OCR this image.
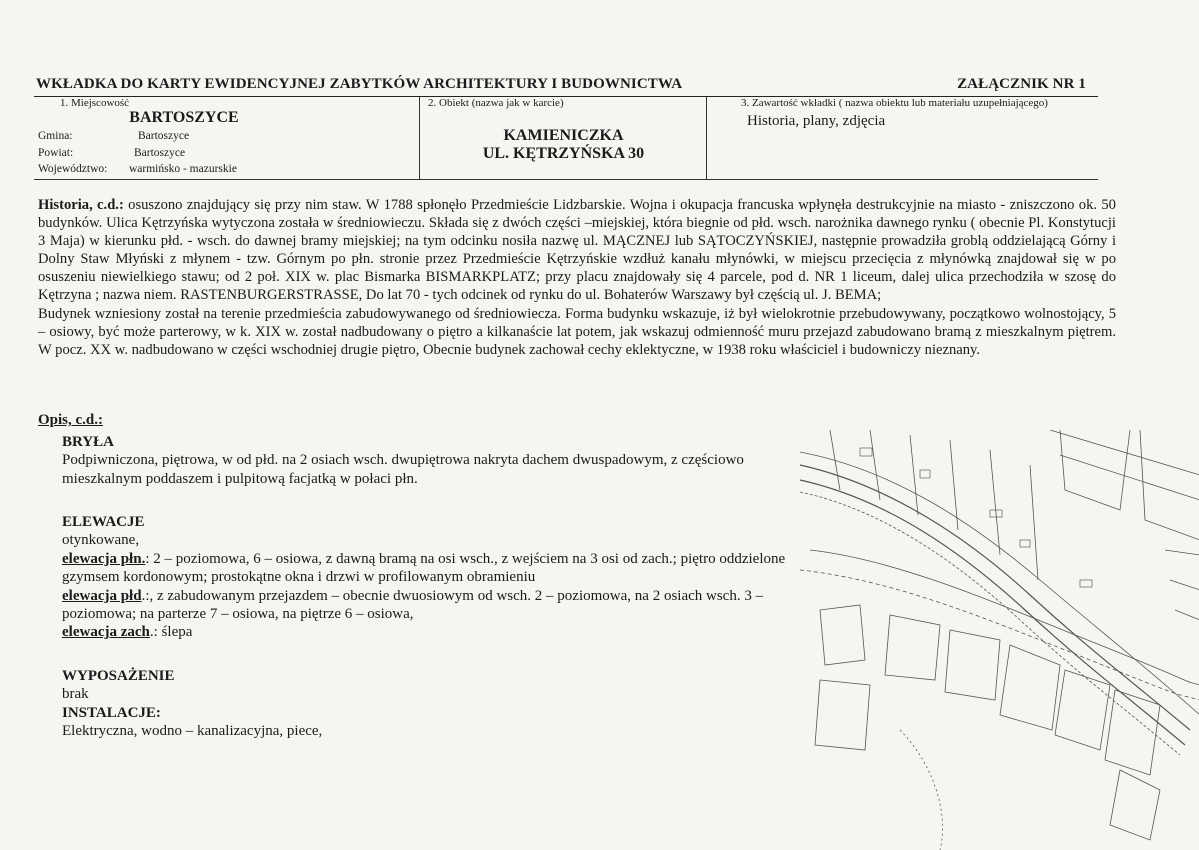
WKŁADKA DO KARTY EWIDENCYJNEJ ZABYTKÓW ARCHITEKTURY I BUDOWNICTWA	ZAŁĄCZNIK NR 1
1. Miejscowość
BARTOSZYCE
Gmina:	Bartoszyce
Powiat:	Bartoszyce
Województwo: warmińsko - mazurskie
2. Obiekt (nazwa jak w karcie)
KAMIENICZKA
UL. KĘTRZYŃSKA 30
3. Zawartość wkładki ( nazwa obiektu lub materiału uzupełniającego)
Historia, plany, zdjęcia

Historia, c.d.: osuszono znajdujący się przy nim staw. W 1788 spłonęło Przedmieście Lidzbarskie. Wojna i okupacja francuska wpłynęła destrukcyjnie na miasto - zniszczono ok. 50 budynków. Ulica Kętrzyńska wytyczona została w średniowieczu. Składa się z dwóch części –miejskiej, która biegnie od płd. wsch. narożnika dawnego rynku ( obecnie Pl. Konstytucji 3 Maja) w kierunku płd. - wsch. do dawnej bramy miejskiej; na tym odcinku nosiła nazwę ul. MĄCZNEJ lub SĄTOCZYŃSKIEJ, następnie prowadziła groblą oddzielającą Górny i Dolny Staw Młyński z młynem - tzw. Górnym po płn. stronie przez Przedmieście Kętrzyńskie wzdłuż kanału młynówki, w miejscu przecięcia z młynówką znajdował się w po osuszeniu niewielkiego stawu; od 2 poł. XIX w. plac Bismarka BISMARKPLATZ; przy placu znajdowały się 4 parcele, pod d. NR 1 liceum, dalej ulica przechodziła w szosę do Kętrzyna ; nazwa niem. RASTENBURGERSTRASSE, Do lat 70 - tych odcinek od rynku do ul. Bohaterów Warszawy był częścią ul. J. BEMA;

Budynek wzniesiony został na terenie przedmieścia zabudowywanego od średniowiecza. Forma budynku wskazuje, iż był wielokrotnie przebudowywany, początkowo wolnostojący, 5 – osiowy, być może parterowy, w k. XIX w. został nadbudowany o piętro a kilkanaście lat potem, jak wskazuj odmienność muru przejazd zabudowano bramą z mieszkalnym piętrem. W pocz. XX w. nadbudowano w części wschodniej drugie piętro, Obecnie budynek zachował cechy eklektyczne, w 1938 roku właściciel i budowniczy nieznany.

Opis, c.d.:
BRYŁA
Podpiwniczona, piętrowa, w od płd. na 2 osiach wsch. dwupiętrowa nakryta dachem dwuspadowym, z częściowo mieszkalnym poddaszem i pulpitową facjatką w połaci płn.
ELEWACJE
otynkowane,
elewacja płn.: 2 – poziomowa, 6 – osiowa, z dawną bramą na osi wsch., z wejściem na 3 osi od zach.; piętro oddzielone gzymsem kordonowym; prostokątne okna i drzwi w profilowanym obramieniu
elewacja płd.:, z zabudowanym przejazdem – obecnie dwuosiowym od wsch. 2 – poziomowa, na 2 osiach wsch. 3 – poziomowa; na parterze 7 – osiowa, na piętrze 6 – osiowa,
elewacja zach.: ślepa
WYPOSAŻENIE
brak
INSTALACJE:
Elektryczna, wodno – kanalizacyjna, piece,
